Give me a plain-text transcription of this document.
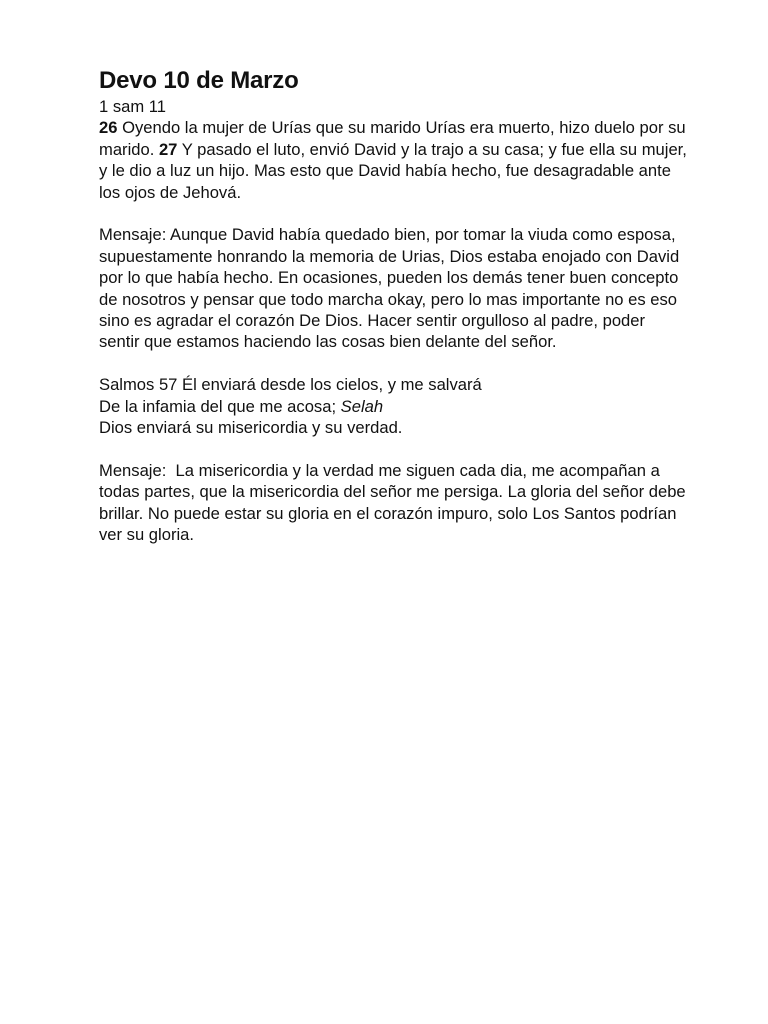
Devo 10 de Marzo

1 sam 11

26 Oyendo la mujer de Urías que su marido Urías era muerto, hizo duelo por su marido. 27 Y pasado el luto, envió David y la trajo a su casa; y fue ella su mujer, y le dio a luz un hijo. Mas esto que David había hecho, fue desagradable ante los ojos de Jehová.

Mensaje: Aunque David había quedado bien, por tomar la viuda como esposa, supuestamente honrando la memoria de Urias, Dios estaba enojado con David por lo que había hecho. En ocasiones, pueden los demás tener buen concepto de nosotros y pensar que todo marcha okay, pero lo mas importante no es eso sino es agradar el corazón De Dios. Hacer sentir orgulloso al padre, poder sentir que estamos haciendo las cosas bien delante del señor.

Salmos 57 Él enviará desde los cielos, y me salvará

De la infamia del que me acosa; Selah

Dios enviará su misericordia y su verdad.

Mensaje:  La misericordia y la verdad me siguen cada dia, me acompañan a todas partes, que la misericordia del señor me persiga. La gloria del señor debe brillar. No puede estar su gloria en el corazón impuro, solo Los Santos podrían ver su gloria.
